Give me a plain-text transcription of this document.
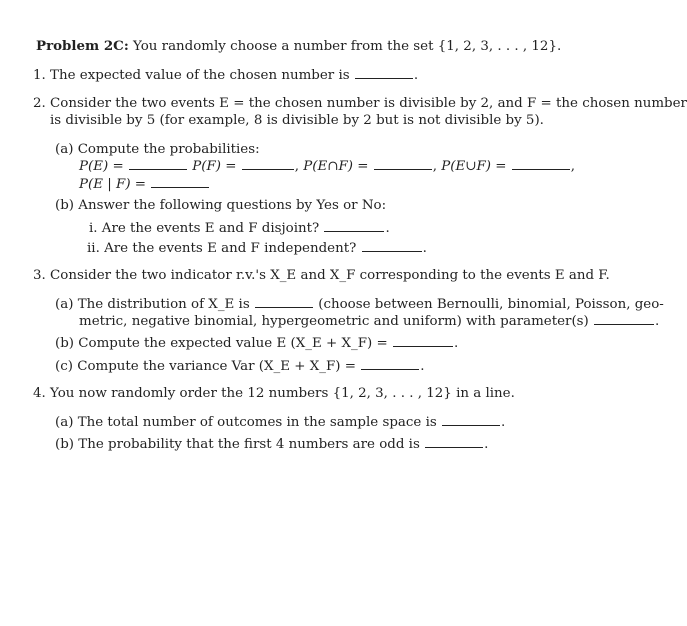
Problem 2C: You randomly choose a number from the set {1, 2, 3, . . . , 12}.
1. The expected value of the chosen number is	.
2. Consider the two events E = the chosen number is divisible by 2, and F = the chosen number
is divisible by 5 (for example, 8 is divisible by 2 but is not divisible by 5).
(a) Compute the probabilities:
P(E) =	P(F) =	, P(E∩F) =	, P(E∪F) =	,
P(E | F) =
(b) Answer the following questions by Yes or No:
i. Are the events E and F disjoint?	.
ii. Are the events E and F independent?	.
3. Consider the two indicator r.v.'s X_E and X_F corresponding to the events E and F.
(a) The distribution of X_E is	(choose between Bernoulli, binomial, Poisson, geo-
metric, negative binomial, hypergeometric and uniform) with parameter(s)	.
(b) Compute the expected value E (X_E + X_F) =	.
(c) Compute the variance Var (X_E + X_F) =	.
4. You now randomly order the 12 numbers {1, 2, 3, . . . , 12} in a line.
(a) The total number of outcomes in the sample space is	.
(b) The probability that the first 4 numbers are odd is	.
